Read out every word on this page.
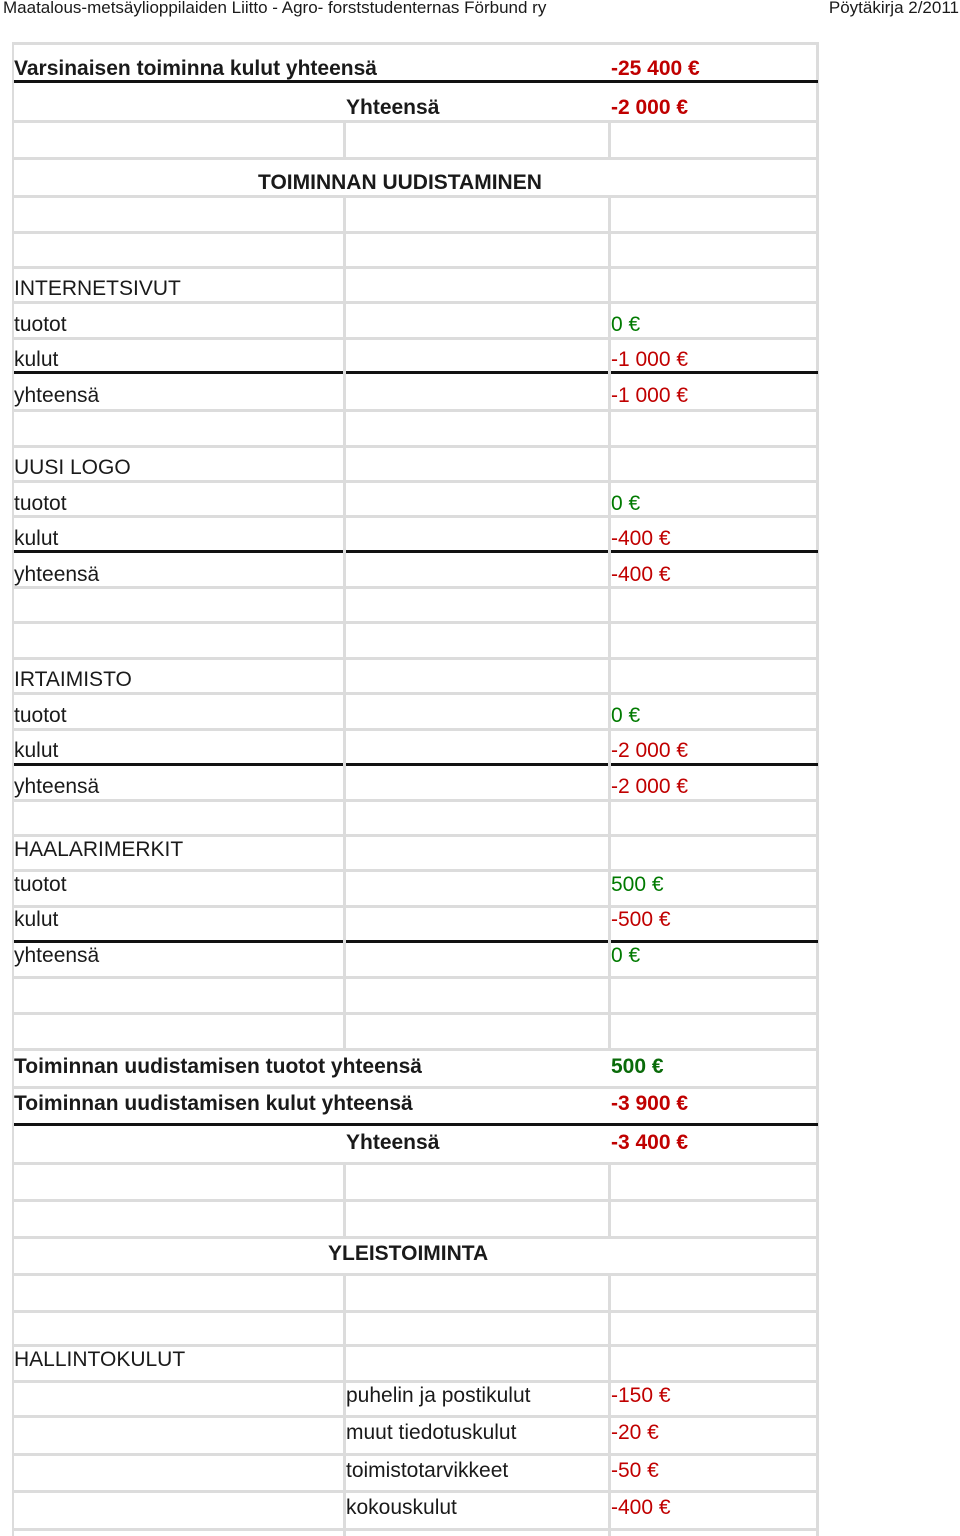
Maatalous-metsäylioppilaiden Liitto - Agro- forststudenternas Förbund ry	Pöytäkirja 2/2011
Varsinaisen toiminna kulut yhteensä	-25 400 €
Yhteensä	-2 000 €
TOIMINNAN UUDISTAMINEN
INTERNETSIVUT
tuotot	0 €
kulut	-1 000 €
yhteensä	-1 000 €
UUSI LOGO
tuotot	0 €
kulut	-400 €
yhteensä	-400 €
IRTAIMISTO
tuotot	0 €
kulut	-2 000 €
yhteensä	-2 000 €
HAALARIMERKIT
tuotot	500 €
kulut	-500 €
yhteensä	0 €
Toiminnan uudistamisen tuotot yhteensä	500 €
Toiminnan uudistamisen kulut yhteensä	-3 900 €
Yhteensä	-3 400 €
YLEISTOIMINTA
HALLINTOKULUT
puhelin ja postikulut	-150 €
muut tiedotuskulut	-20 €
toimistotarvikkeet	-50 €
kokouskulut	-400 €
